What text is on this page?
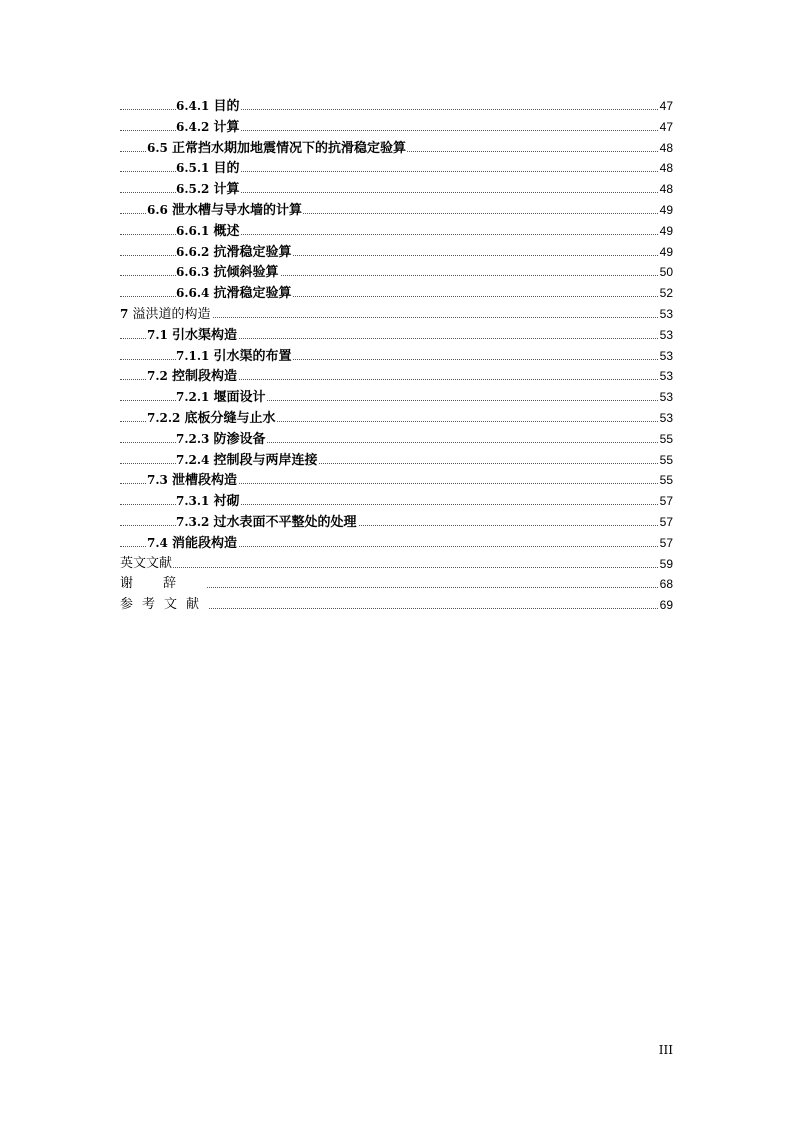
6.4.1 目的	47
6.4.2 计算	47
6.5 正常挡水期加地震情况下的抗滑稳定验算	48
6.5.1 目的	48
6.5.2 计算	48
6.6 泄水槽与导水墙的计算	49
6.6.1 概述	49
6.6.2 抗滑稳定验算	49
6.6.3 抗倾斜验算	50
6.6.4 抗滑稳定验算	52
7 溢洪道的构造	53
7.1 引水渠构造	53
7.1.1 引水渠的布置	53
7.2 控制段构造	53
7.2.1 堰面设计	53
7.2.2 底板分缝与止水	53
7.2.3 防渗设备	55
7.2.4 控制段与两岸连接	55
7.3 泄槽段构造	55
7.3.1 衬砌	57
7.3.2 过水表面不平整处的处理	57
7.4 消能段构造	57
英文文献	59
谢辞	68
参考文献	69
III
